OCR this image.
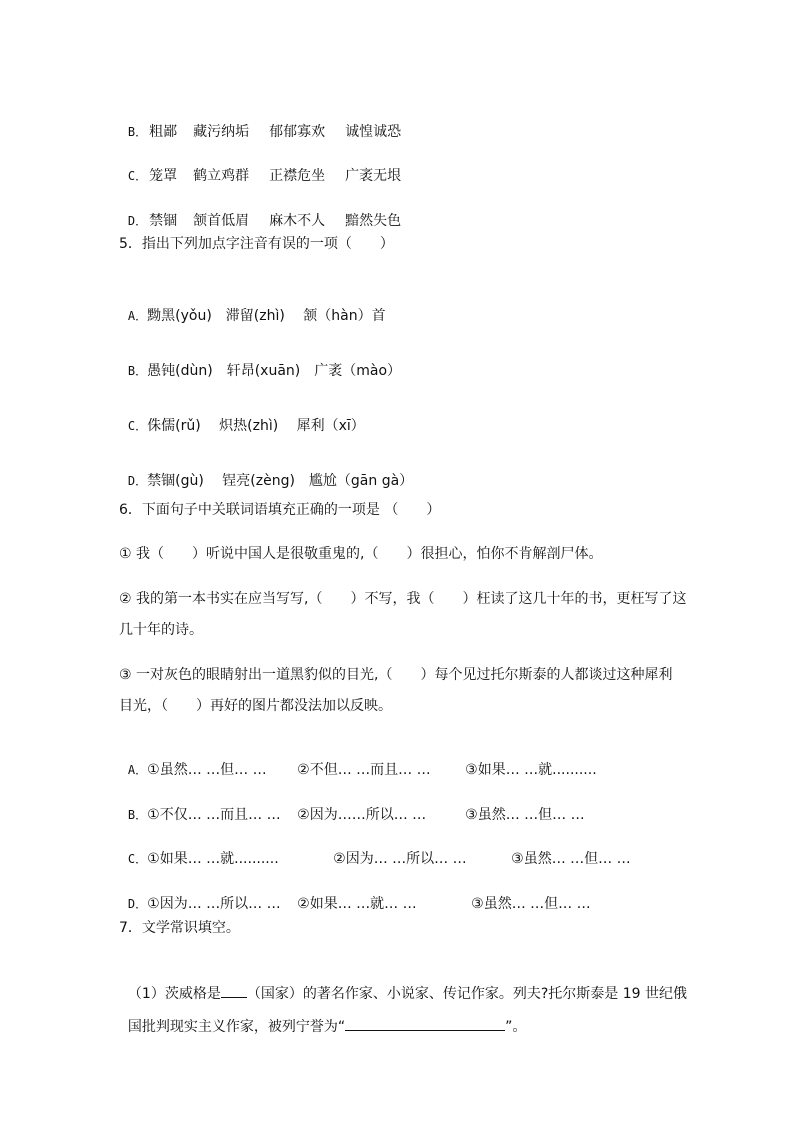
B． 粗鄙 藏污纳垢 郁郁寡欢 诚惶诚恐

C． 笼罩 鹤立鸡群 正襟危坐 广袤无垠

D． 禁锢 颔首低眉 麻木不人 黯然失色

5．指出下列加点字注音有误的一项（　　）

A．黝黑(yǒu)　滞留(zhì)　 颔（hàn）首

B．愚钝(dùn)　轩昂(xuān)　广袤（mào）

C．侏儒(rǔ)　 炽热(zhì)　 犀利（xī）

D．禁锢(gù)　 锃亮(zèng)　尴尬（gān gà）

6．下面句子中关联词语填充正确的一项是 （　　）
① 我（　　）听说中国人是很敬重鬼的,（　　）很担心，怕你不肯解剖尸体。
② 我的第一本书实在应当写写,（　　）不写，我（　　）枉读了这几十年的书，更枉写了这
几十年的诗。
③ 一对灰色的眼睛射出一道黑豹似的目光,（　　）每个见过托尔斯泰的人都谈过这种犀利
目光，（　　）再好的图片都没法加以反映。

A．①虽然… …但… … ②不但… …而且… … ③如果… …就..........

B．①不仅… …而且… … ②因为……所以… …	③虽然… …但… …

C．①如果… …就..........	②因为… …所以… …	③虽然… …但… …

D．①因为… …所以… … ②如果… …就… …	③虽然… …但… …

7．文学常识填空。

（1）茨威格是 （国家）的著名作家、小说家、传记作家。列夫?托尔斯泰是 19 世纪俄

国批判现实主义作家，被列宁誉为“	”。
